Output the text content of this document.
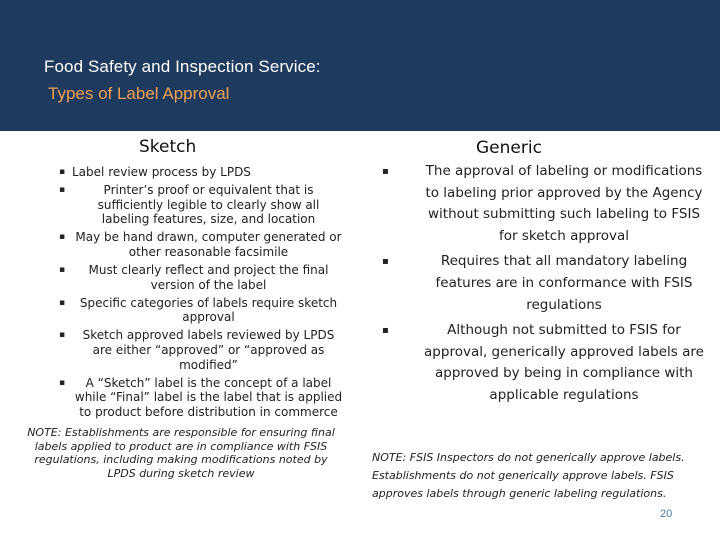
Food Safety and Inspection Service:
Types of Label Approval
Sketch	Generic
▪ Label review process by LPDS
▪	Printer’s proof or equivalent that is sufficiently legible to clearly show all labeling features, size, and location
▪ May be hand drawn, computer generated or other reasonable facsimile
▪	Must clearly reflect and project the final version of the label
▪	Specific categories of labels require sketch approval
▪	Sketch approved labels reviewed by LPDS are either “approved” or “approved as modified”
▪	A “Sketch” label is the concept of a label while “Final” label is the label that is applied to product before distribution in commerce
NOTE: Establishments are responsible for ensuring final labels applied to product are in compliance with FSIS regulations, including making modifications noted by LPDS during sketch review
▪	The approval of labeling or modifications to labeling prior approved by the Agency without submitting such labeling to FSIS for sketch approval
▪	Requires that all mandatory labeling features are in conformance with FSIS regulations
▪	Although not submitted to FSIS for approval, generically approved labels are approved by being in compliance with applicable regulations
NOTE: FSIS Inspectors do not generically approve labels. Establishments do not generically approve labels. FSIS approves labels through generic labeling regulations.
20
